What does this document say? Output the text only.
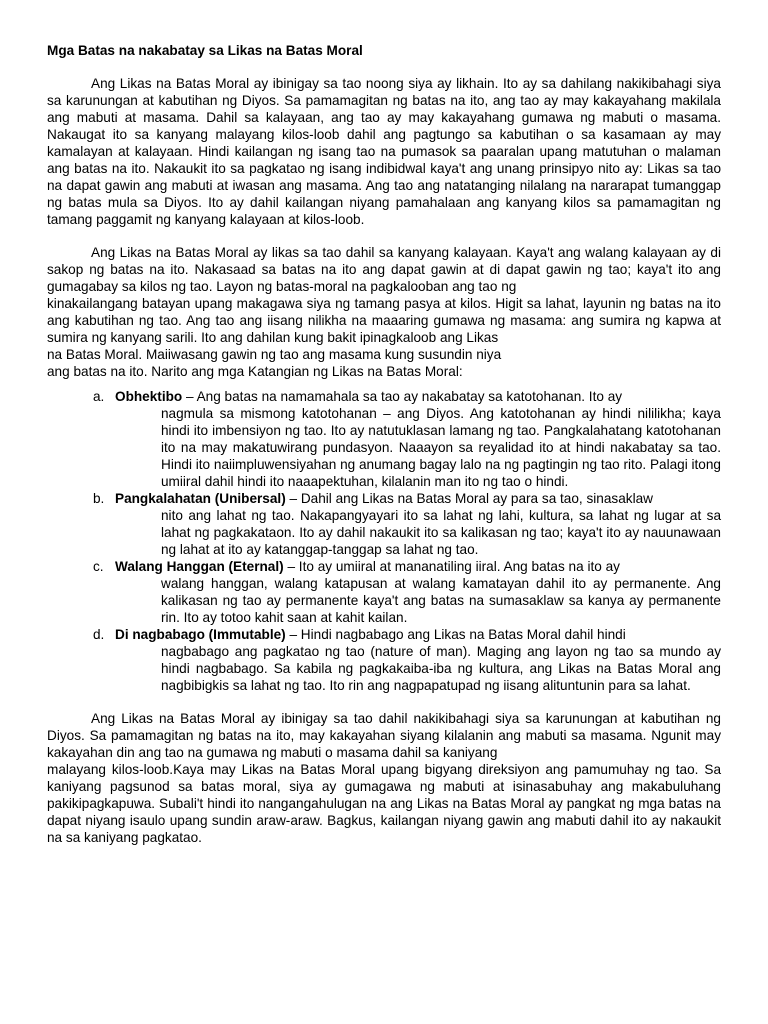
Mga Batas na nakabatay sa Likas na Batas Moral

Ang Likas na Batas Moral ay ibinigay sa tao noong siya ay likhain. Ito ay sa dahilang nakikibahagi siya sa karunungan at kabutihan ng Diyos. Sa pamamagitan ng batas na ito, ang tao ay may kakayahang makilala ang mabuti at masama. Dahil sa kalayaan, ang tao ay may kakayahang gumawa ng mabuti o masama. Nakaugat ito sa kanyang malayang kilos-loob dahil ang pagtungo sa kabutihan o sa kasamaan ay may kamalayan at kalayaan. Hindi kailangan ng isang tao na pumasok sa paaralan upang matutuhan o malaman ang batas na ito. Nakaukit ito sa pagkatao ng isang indibidwal kaya't ang unang prinsipyo nito ay: Likas sa tao na dapat gawin ang mabuti at iwasan ang masama. Ang tao ang natatanging nilalang na nararapat tumanggap ng batas mula sa Diyos. Ito ay dahil kailangan niyang pamahalaan ang kanyang kilos sa pamamagitan ng tamang paggamit ng kanyang kalayaan at kilos-loob.

Ang Likas na Batas Moral ay likas sa tao dahil sa kanyang kalayaan. Kaya't ang walang kalayaan ay di sakop ng batas na ito. Nakasaad sa batas na ito ang dapat gawin at di dapat gawin ng tao; kaya't ito ang gumagabay sa kilos ng tao. Layon ng batas-moral na pagkalooban ang tao ng

kinakailangang batayan upang makagawa siya ng tamang pasya at kilos. Higit sa lahat, layunin ng batas na ito ang kabutihan ng tao. Ang tao ang iisang nilikha na maaaring gumawa ng masama: ang sumira ng kapwa at sumira ng kanyang sarili. Ito ang dahilan kung bakit ipinagkaloob ang Likas

na Batas Moral. Maiiwasang gawin ng tao ang masama kung susundin niya

ang batas na ito. Narito ang mga Katangian ng Likas na Batas Moral:

a. Obhektibo – Ang batas na namamahala sa tao ay nakabatay sa katotohanan. Ito ay
nagmula sa mismong katotohanan – ang Diyos. Ang katotohanan ay hindi nililikha; kaya hindi ito imbensiyon ng tao. Ito ay natutuklasan lamang ng tao. Pangkalahatang katotohanan ito na may makatuwirang pundasyon. Naaayon sa reyalidad ito at hindi nakabatay sa tao. Hindi ito naiimpluwensiyahan ng anumang bagay lalo na ng pagtingin ng tao rito. Palagi itong umiiral dahil hindi ito naaapektuhan, kilalanin man ito ng tao o hindi.
b. Pangkalahatan (Unibersal) – Dahil ang Likas na Batas Moral ay para sa tao, sinasaklaw
nito ang lahat ng tao. Nakapangyayari ito sa lahat ng lahi, kultura, sa lahat ng lugar at sa lahat ng pagkakataon. Ito ay dahil nakaukit ito sa kalikasan ng tao; kaya't ito ay nauunawaan ng lahat at ito ay katanggap-tanggap sa lahat ng tao.
c. Walang Hanggan (Eternal) – Ito ay umiiral at mananatiling iiral. Ang batas na ito ay
walang hanggan, walang katapusan at walang kamatayan dahil ito ay permanente. Ang kalikasan ng tao ay permanente kaya't ang batas na sumasaklaw sa kanya ay permanente rin. Ito ay totoo kahit saan at kahit kailan.
d. Di nagbabago (Immutable) – Hindi nagbabago ang Likas na Batas Moral dahil hindi
nagbabago ang pagkatao ng tao (nature of man). Maging ang layon ng tao sa mundo ay hindi nagbabago. Sa kabila ng pagkakaiba-iba ng kultura, ang Likas na Batas Moral ang nagbibigkis sa lahat ng tao. Ito rin ang nagpapatupad ng iisang alituntunin para sa lahat.

Ang Likas na Batas Moral ay ibinigay sa tao dahil nakikibahagi siya sa karunungan at kabutihan ng Diyos. Sa pamamagitan ng batas na ito, may kakayahan siyang kilalanin ang mabuti sa masama. Ngunit may kakayahan din ang tao na gumawa ng mabuti o masama dahil sa kaniyang

malayang kilos-loob.Kaya may Likas na Batas Moral upang bigyang direksiyon ang pamumuhay ng tao. Sa kaniyang pagsunod sa batas moral, siya ay gumagawa ng mabuti at isinasabuhay ang makabuluhang pakikipagkapuwa. Subali't hindi ito nangangahulugan na ang Likas na Batas Moral ay pangkat ng mga batas na dapat niyang isaulo upang sundin araw-araw. Bagkus, kailangan niyang gawin ang mabuti dahil ito ay nakaukit na sa kaniyang pagkatao.
